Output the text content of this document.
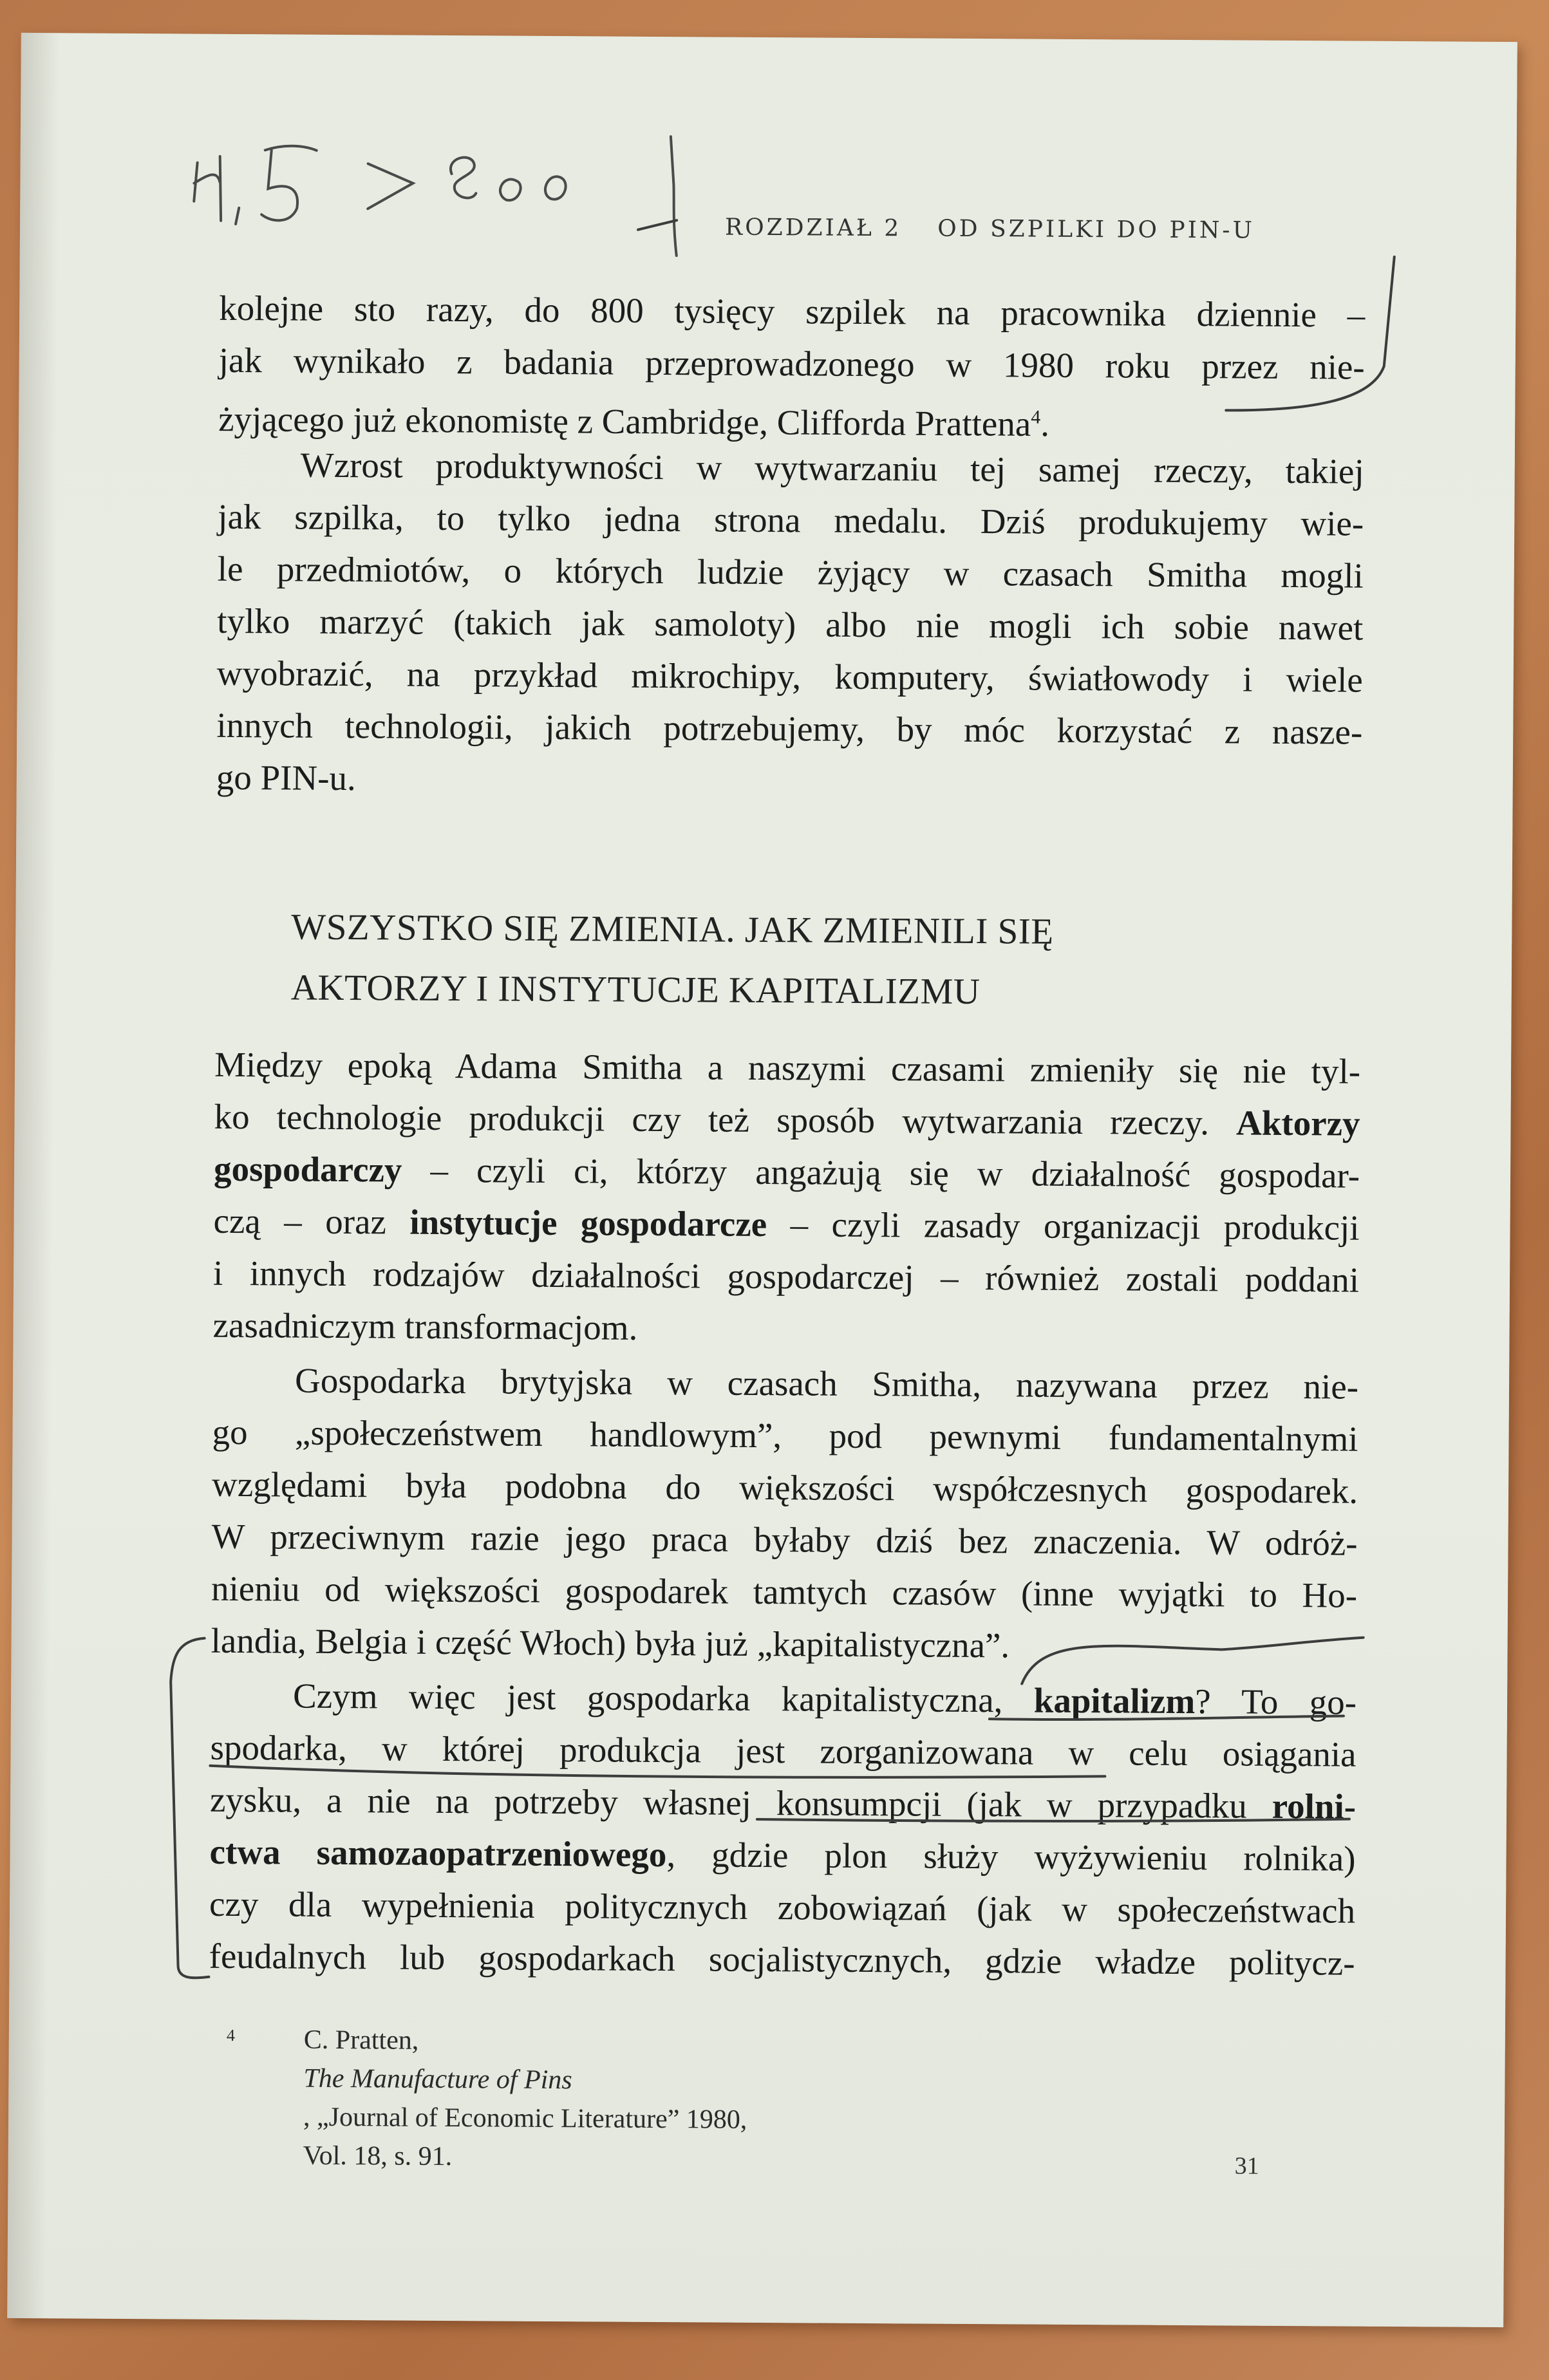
ROZDZIAŁ 2 OD SZPILKI DO PIN-U
kolejne sto razy, do 800 tysięcy szpilek na pracownika dziennie –
jak wynikało z badania przeprowadzonego w 1980 roku przez nie-
żyjącego już ekonomistę z Cambridge, Clifforda Prattena$^4$.
Wzrost produktywności w wytwarzaniu tej samej rzeczy, takiej
jak szpilka, to tylko jedna strona medalu. Dziś produkujemy wie-
le przedmiotów, o których ludzie żyjący w czasach Smitha mogli
tylko marzyć (takich jak samoloty) albo nie mogli ich sobie nawet
wyobrazić, na przykład mikrochipy, komputery, światłowody i wiele
innych technologii, jakich potrzebujemy, by móc korzystać z nasze-
go PIN-u.
WSZYSTKO SIĘ ZMIENIA. JAK ZMIENILI SIĘ
AKTORZY I INSTYTUCJE KAPITALIZMU
Między epoką Adama Smitha a naszymi czasami zmieniły się nie tyl-
ko technologie produkcji czy też sposób wytwarzania rzeczy. Aktorzy
gospodarczy – czyli ci, którzy angażują się w działalność gospodar-
czą – oraz instytucje gospodarcze – czyli zasady organizacji produkcji
i innych rodzajów działalności gospodarczej – również zostali poddani
zasadniczym transformacjom.
Gospodarka brytyjska w czasach Smitha, nazywana przez nie-
go „społeczeństwem handlowym”, pod pewnymi fundamentalnymi
względami była podobna do większości współczesnych gospodarek.
W przeciwnym razie jego praca byłaby dziś bez znaczenia. W odróż-
nieniu od większości gospodarek tamtych czasów (inne wyjątki to Ho-
landia, Belgia i część Włoch) była już „kapitalistyczna”.
Czym więc jest gospodarka kapitalistyczna, kapitalizm? To go-
spodarka, w której produkcja jest zorganizowana w celu osiągania
zysku, a nie na potrzeby własnej konsumpcji (jak w przypadku rolni-
ctwa samozaopatrzeniowego, gdzie plon służy wyżywieniu rolnika)
czy dla wypełnienia politycznych zobowiązań (jak w społeczeństwach
feudalnych lub gospodarkach socjalistycznych, gdzie władze politycz-
4	C. Pratten,
The Manufacture of Pins
, „Journal of Economic Literature” 1980,
Vol. 18, s. 91.	31
